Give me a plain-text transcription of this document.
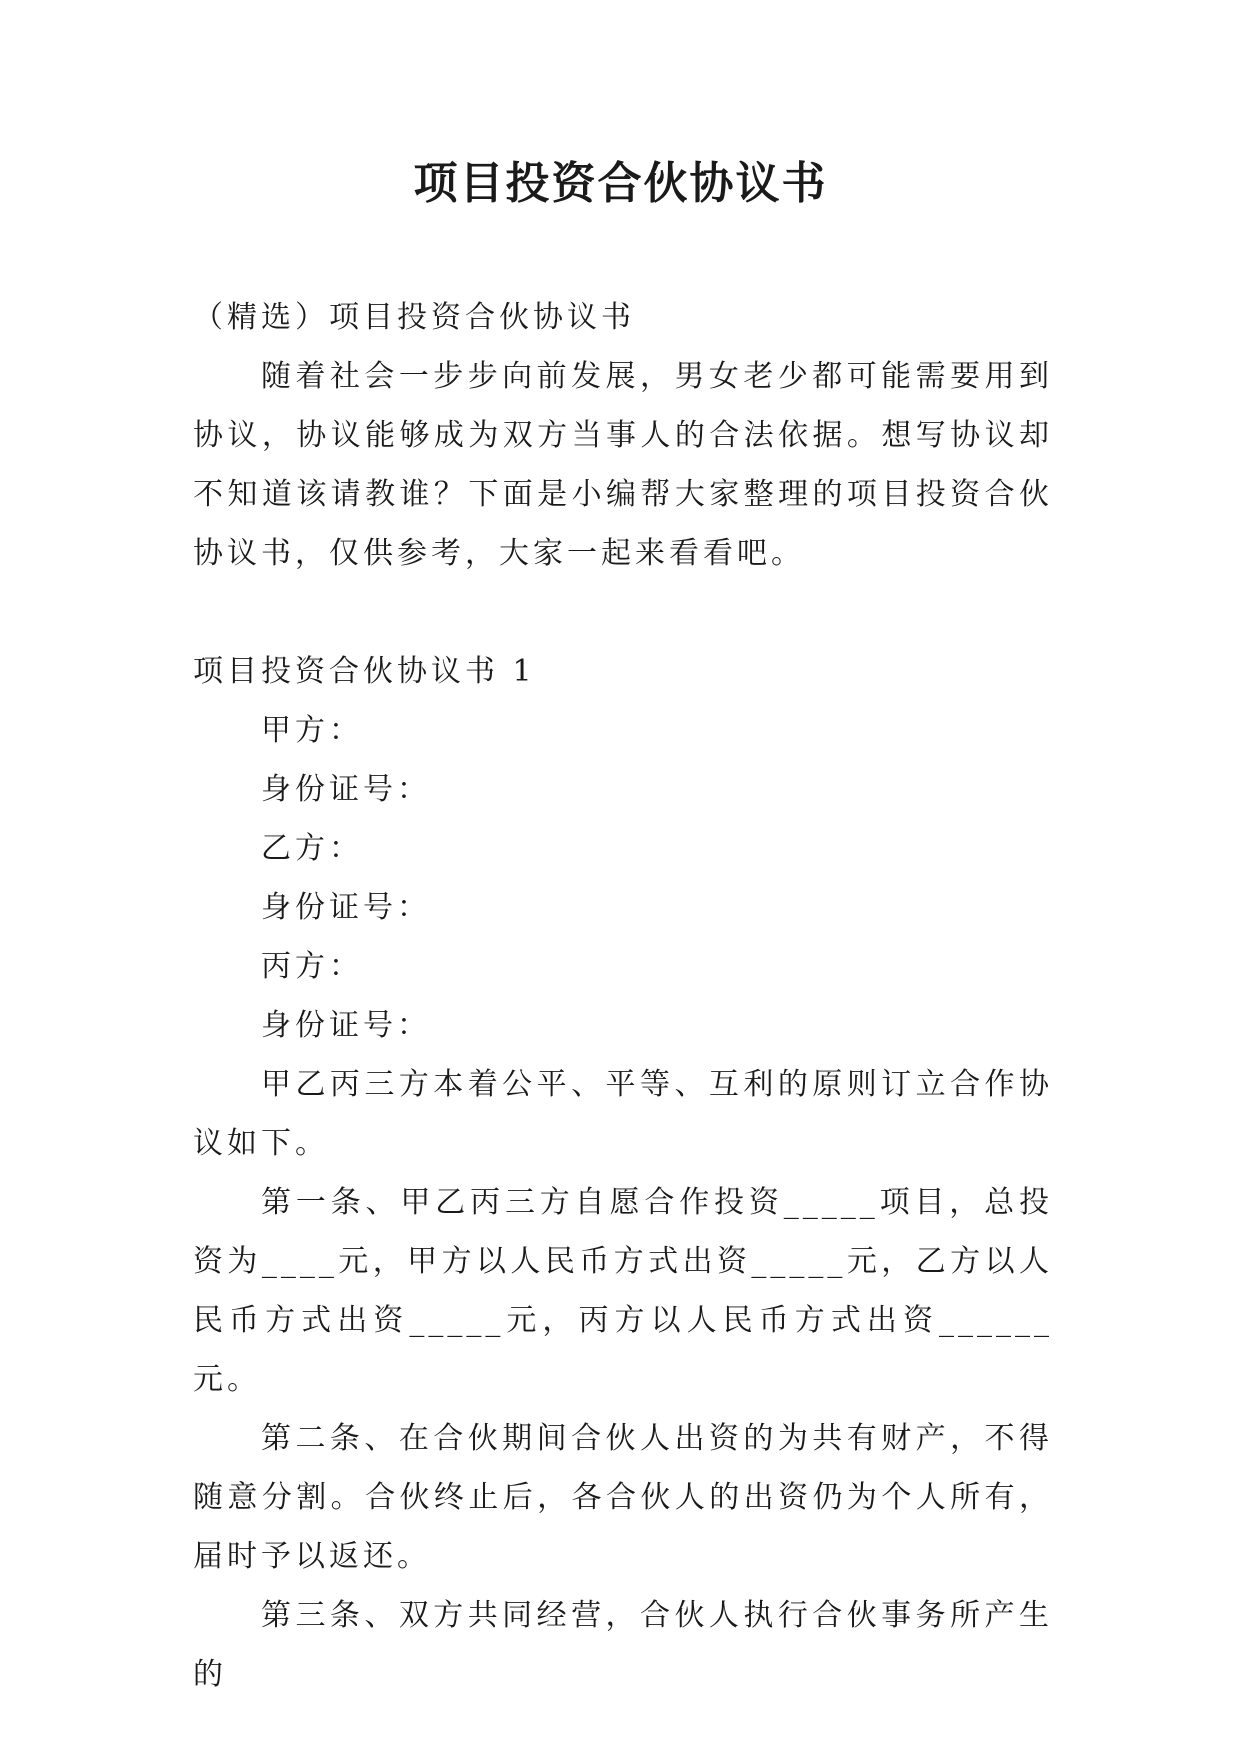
项目投资合伙协议书

（精选）项目投资合伙协议书

随着社会一步步向前发展，男女老少都可能需要用到协议，协议能够成为双方当事人的合法依据。想写协议却不知道该请教谁？下面是小编帮大家整理的项目投资合伙协议书，仅供参考，大家一起来看看吧。

项目投资合伙协议书 1

甲方：

身份证号：

乙方：

身份证号：

丙方：

身份证号：

甲乙丙三方本着公平、平等、互利的原则订立合作协议如下。

第一条、甲乙丙三方自愿合作投资_____项目，总投资为____元，甲方以人民币方式出资_____元，乙方以人民币方式出资_____元，丙方以人民币方式出资______元。

第二条、在合伙期间合伙人出资的为共有财产，不得随意分割。合伙终止后，各合伙人的出资仍为个人所有，届时予以返还。

第三条、双方共同经营，合伙人执行合伙事务所产生的
